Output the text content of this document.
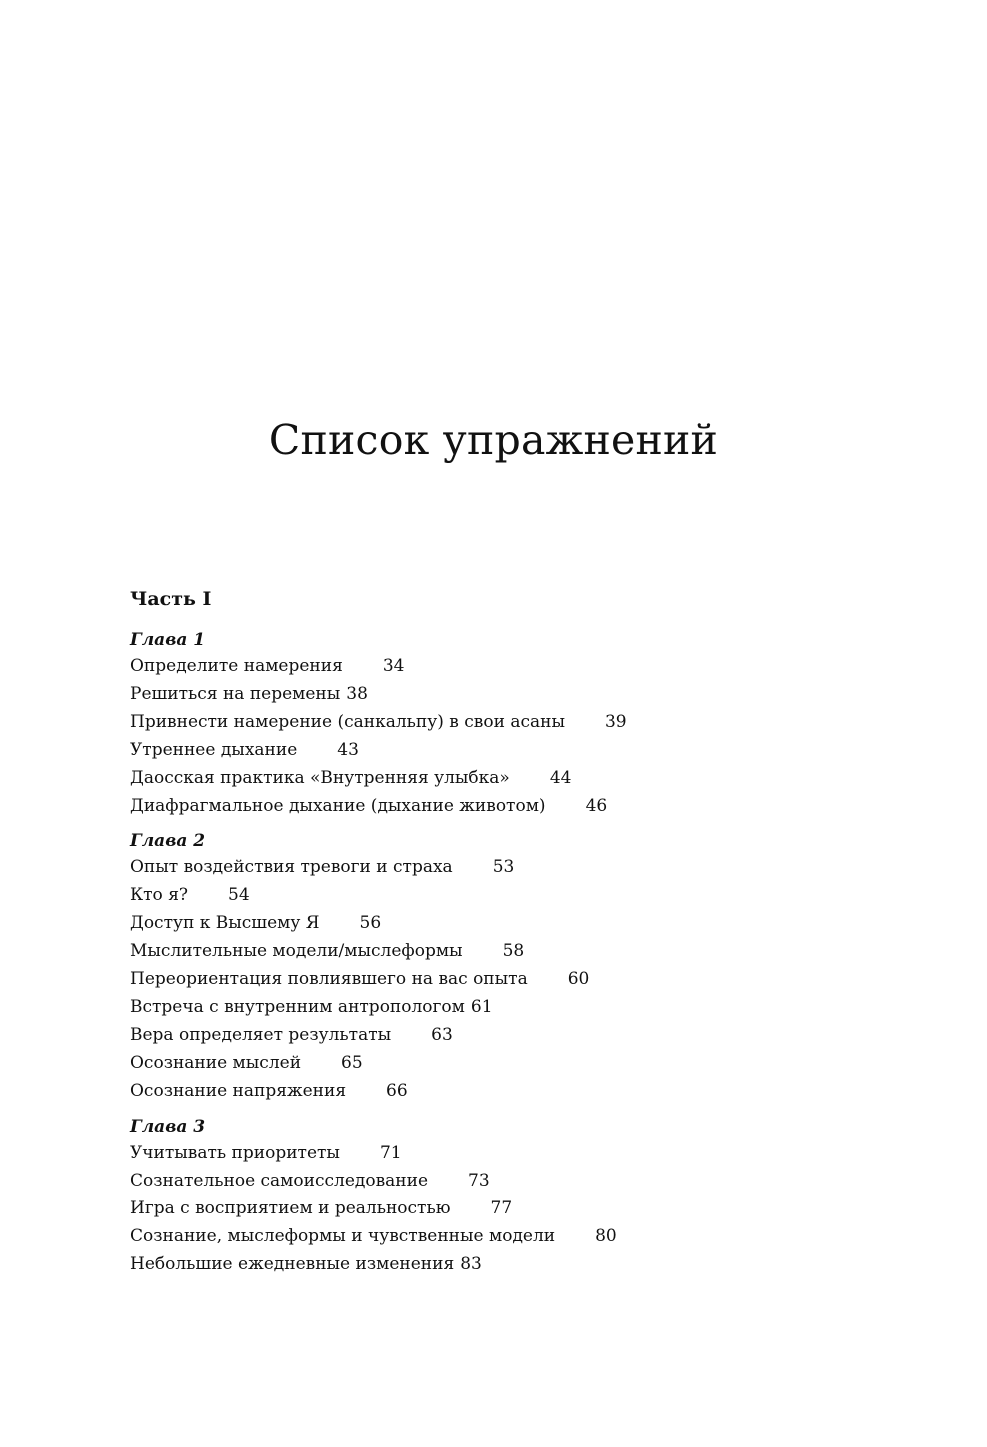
Список упражнений
Часть I
Глава 1
Определите намерения 34
Решиться на перемены 38
Привнести намерение (санкальпу) в свои асаны 39
Утреннее дыхание 43
Даосская практика «Внутренняя улыбка» 44
Диафрагмальное дыхание (дыхание животом) 46
Глава 2
Опыт воздействия тревоги и страха 53
Кто я? 54
Доступ к Высшему Я 56
Мыслительные модели/мыслеформы 58
Переориентация повлиявшего на вас опыта 60
Встреча с внутренним антропологом 61
Вера определяет результаты 63
Осознание мыслей 65
Осознание напряжения 66
Глава 3
Учитывать приоритеты 71
Сознательное самоисследование 73
Игра с восприятием и реальностью 77
Сознание, мыслеформы и чувственные модели 80
Небольшие ежедневные изменения 83
